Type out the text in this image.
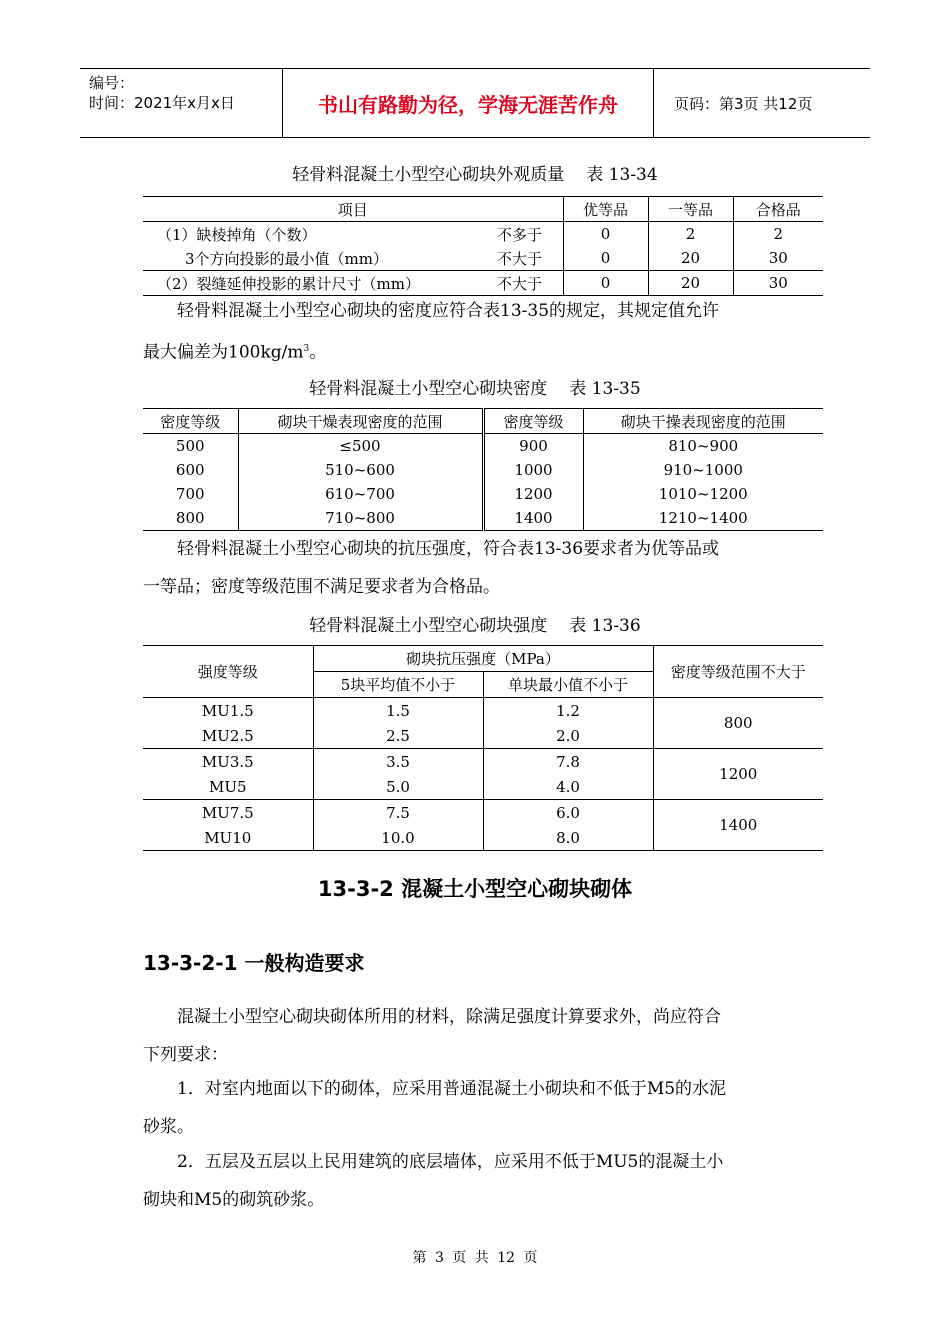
编号：
时间：2021年x月x日	书山有路勤为径，学海无涯苦作舟	页码：第3页 共12页
轻骨料混凝土小型空心砌块外观质量 表 13-34
项目	优等品	一等品	合格品
（1）缺棱掉角（个数） 不多于	0	2	2
3个方向投影的最小值（mm） 不大于	0	20	30
（2）裂缝延伸投影的累计尺寸（mm） 不大于	0	20	30
轻骨料混凝土小型空心砌块的密度应符合表13-35的规定，其规定值允许
最大偏差为$100kg/m^3$。
轻骨料混凝土小型空心砌块密度 表 13-35
密度等级	砌块干燥表现密度的范围	密度等级	砌块干操表现密度的范围
500	≤500	900	810~900
600	510~600	1000	910~1000
700	610~700	1200	1010~1200
800	710~800	1400	1210~1400
轻骨料混凝土小型空心砌块的抗压强度，符合表13-36要求者为优等品或
一等品；密度等级范围不满足要求者为合格品。
轻骨料混凝土小型空心砌块强度 表 13-36
强度等级	砌块抗压强度（MPa）		密度等级范围不大于
	5块平均值不小于	单块最小值不小于	
MU1.5	1.5	1.2	800
MU2.5	2.5	2.0	
MU3.5	3.5	7.8	1200
MU5	5.0	4.0	
MU7.5	7.5	6.0	1400
MU10	10.0	8.0	
13-3-2 混凝土小型空心砌块砌体
13-3-2-1 一般构造要求
混凝土小型空心砌块砌体所用的材料，除满足强度计算要求外，尚应符合
下列要求：
1．对室内地面以下的砌体，应采用普通混凝土小砌块和不低于M5的水泥
砂浆。
2．五层及五层以上民用建筑的底层墙体，应采用不低于MU5的混凝土小
砌块和M5的砌筑砂浆。
第 3 页 共 12 页
